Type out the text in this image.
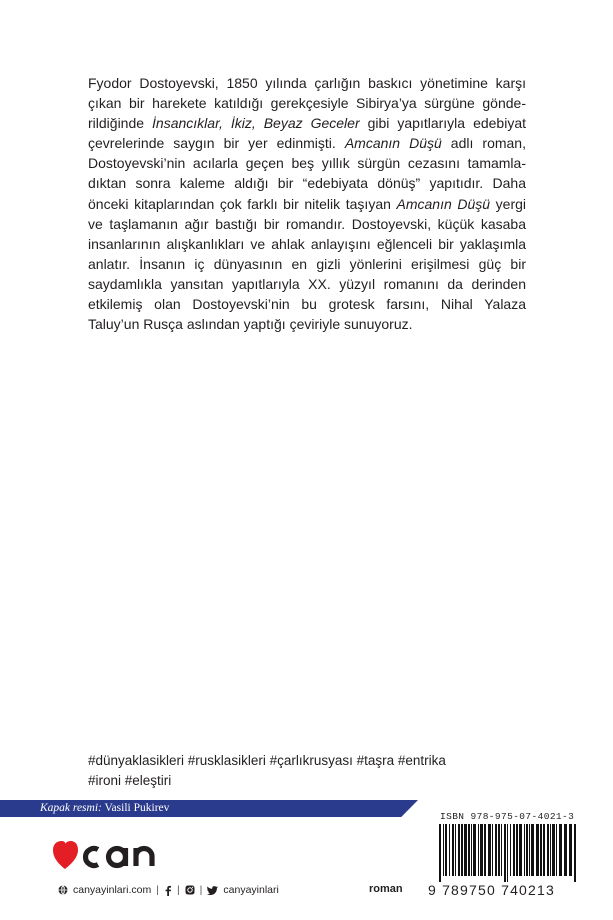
Fyodor Dostoyevski, 1850 yılında çarlığın baskıcı yönetimine karşı çıkan bir harekete katıldığı gerekçesiyle Sibirya’ya sürgüne gönderildiğinde İnsancıklar, İkiz, Beyaz Geceler gibi yapıtlarıyla edebiyat çevrelerinde saygın bir yer edinmişti. Amcanın Düşü adlı roman, Dostoyevski’nin acılarla geçen beş yıllık sürgün cezasını tamamladıktan sonra kaleme aldığı bir “edebiyata dönüş” yapıtıdır. Daha önceki kitaplarından çok farklı bir nitelik taşıyan Amcanın Düşü yergi ve taşlamanın ağır bastığı bir romandır. Dostoyevski, küçük kasaba insanlarının alışkanlıkları ve ahlak anlayışını eğlenceli bir yaklaşımla anlatır. İnsanın iç dünyasının en gizli yönlerini erişilmesi güç bir saydamlıkla yansıtan yapıtlarıyla XX. yüzyıl romanını da derinden etkilemiş olan Dostoyevski’nin bu grotesk farsını, Nihal Yalaza Taluy’un Rusça aslından yaptığı çeviriyle sunuyoruz.

#dünyaklasikleri #rusklasikleri #çarlıkrusyası #taşra #entrika
#ironi #eleştiri
Kapak resmi: Vasili Pukirev
canyayinlari.com | | | canyayinlari	roman 9 789750 740213
ISBN 978-975-07-4021-3
